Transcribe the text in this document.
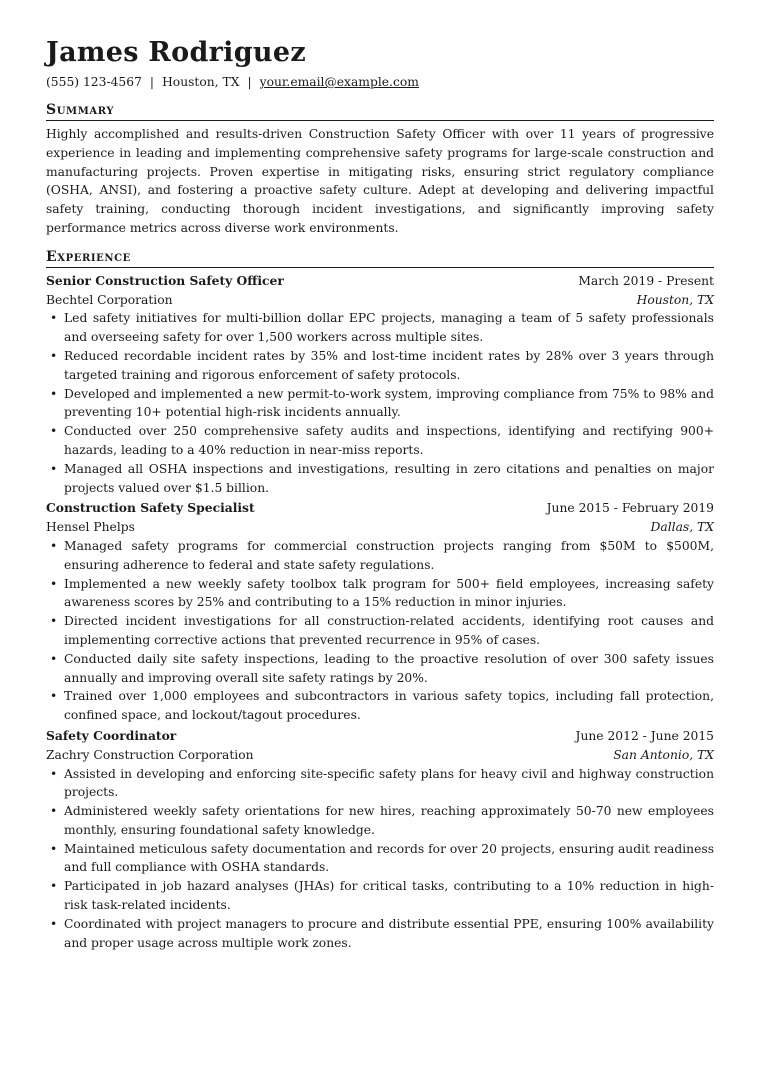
James Rodriguez
(555) 123-4567 | Houston, TX | your.email@example.com
Summary

Highly accomplished and results-driven Construction Safety Officer with over 11 years of progressive experience in leading and implementing comprehensive safety programs for large-scale construction and manufacturing projects. Proven expertise in mitigating risks, ensuring strict regulatory compliance (OSHA, ANSI), and fostering a proactive safety culture. Adept at developing and delivering impactful safety training, conducting thorough incident investigations, and significantly improving safety performance metrics across diverse work environments.

Experience
Senior Construction Safety Officer	March 2019 - Present
Bechtel Corporation	Houston, TX
• Led safety initiatives for multi-billion dollar EPC projects, managing a team of 5 safety professionals and overseeing safety for over 1,500 workers across multiple sites.
• Reduced recordable incident rates by 35% and lost-time incident rates by 28% over 3 years through targeted training and rigorous enforcement of safety protocols.
• Developed and implemented a new permit-to-work system, improving compliance from 75% to 98% and preventing 10+ potential high-risk incidents annually.
• Conducted over 250 comprehensive safety audits and inspections, identifying and rectifying 900+ hazards, leading to a 40% reduction in near-miss reports.
• Managed all OSHA inspections and investigations, resulting in zero citations and penalties on major projects valued over $1.5 billion.
Construction Safety Specialist	June 2015 - February 2019
Hensel Phelps	Dallas, TX
• Managed safety programs for commercial construction projects ranging from $50M to $500M, ensuring adherence to federal and state safety regulations.
• Implemented a new weekly safety toolbox talk program for 500+ field employees, increasing safety awareness scores by 25% and contributing to a 15% reduction in minor injuries.
• Directed incident investigations for all construction-related accidents, identifying root causes and implementing corrective actions that prevented recurrence in 95% of cases.
• Conducted daily site safety inspections, leading to the proactive resolution of over 300 safety issues annually and improving overall site safety ratings by 20%.
• Trained over 1,000 employees and subcontractors in various safety topics, including fall protection, confined space, and lockout/tagout procedures.
Safety Coordinator	June 2012 - June 2015
Zachry Construction Corporation	San Antonio, TX
• Assisted in developing and enforcing site-specific safety plans for heavy civil and highway construction projects.
• Administered weekly safety orientations for new hires, reaching approximately 50-70 new employees monthly, ensuring foundational safety knowledge.
• Maintained meticulous safety documentation and records for over 20 projects, ensuring audit readiness and full compliance with OSHA standards.
• Participated in job hazard analyses (JHAs) for critical tasks, contributing to a 10% reduction in high-risk task-related incidents.
• Coordinated with project managers to procure and distribute essential PPE, ensuring 100% availability and proper usage across multiple work zones.
